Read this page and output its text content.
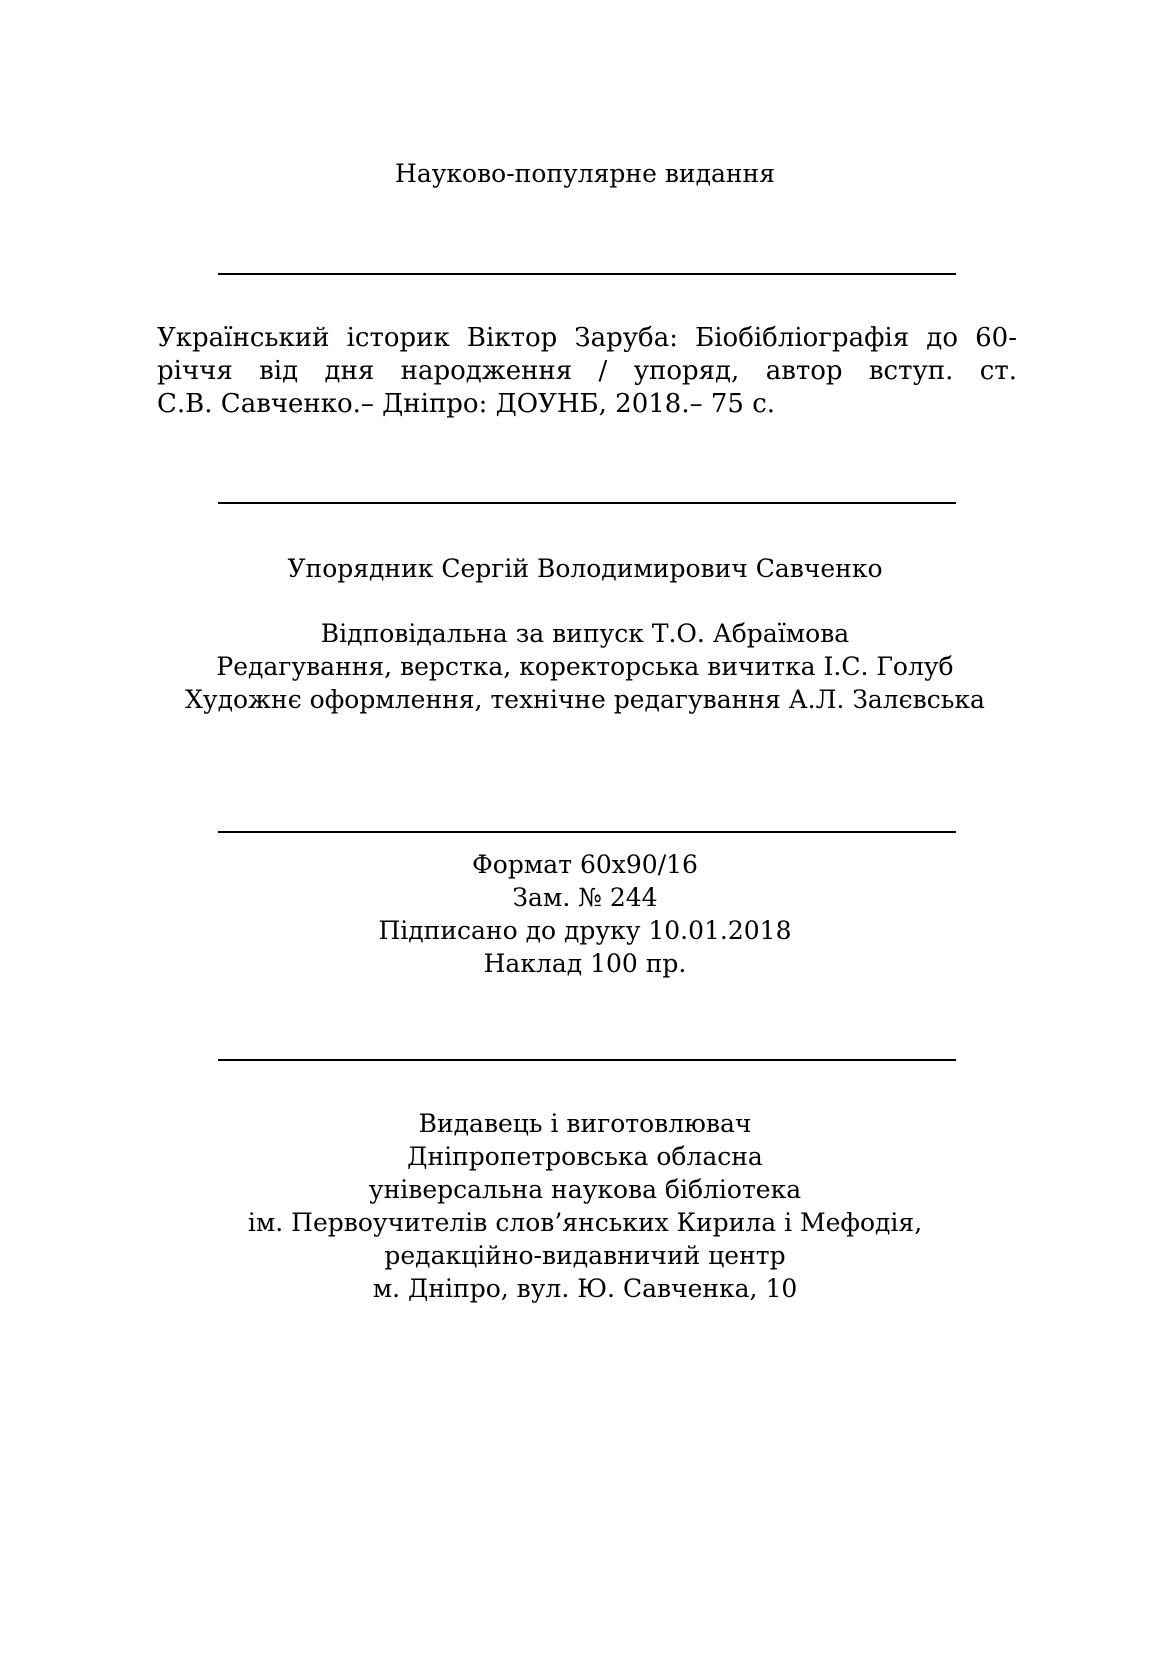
Науково-популярне видання
Український історик Віктор Заруба: Біобібліографія до 60-
річчя від дня народження / упоряд, автор вступ. ст.
С.В. Савченко.– Дніпро: ДОУНБ, 2018.– 75 с.
Упорядник Сергій Володимирович Савченко
Відповідальна за випуск Т.О. Абраїмова
Редагування, верстка, коректорська вичитка І.С. Голуб
Художнє оформлення, технічне редагування А.Л. Залєвська
Формат 60х90/16
Зам. № 244
Підписано до друку 10.01.2018
Наклад 100 пр.
Видавець і виготовлювач
Дніпропетровська обласна
універсальна наукова бібліотека
ім. Первоучителів слов’янських Кирила і Мефодія,
редакційно-видавничий центр
м. Дніпро, вул. Ю. Савченка, 10
